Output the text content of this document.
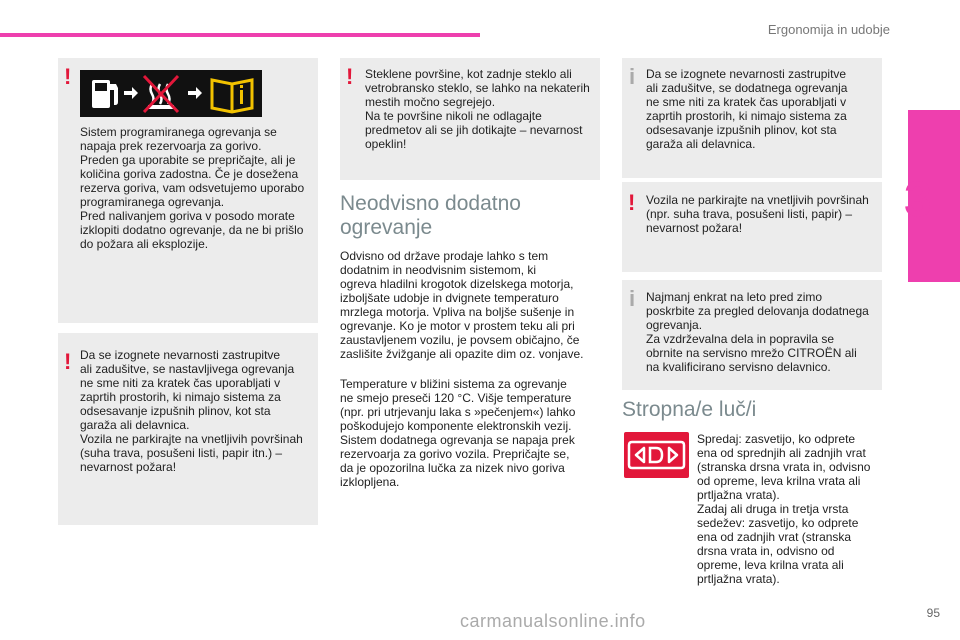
Ergonomija in udobje
3
!
Sistem programiranega ogrevanja se
napaja prek rezervoarja za gorivo.
Preden ga uporabite se prepričajte, ali je
količina goriva zadostna. Če je dosežena
rezerva goriva, vam odsvetujemo uporabo
programiranega ogrevanja.
Pred nalivanjem goriva v posodo morate
izklopiti dodatno ogrevanje, da ne bi prišlo
do požara ali eksplozije.
! Da se izognete nevarnosti zastrupitve
ali zadušitve, se nastavljivega ogrevanja
ne sme niti za kratek čas uporabljati v
zaprtih prostorih, ki nimajo sistema za
odsesavanje izpušnih plinov, kot sta
garaža ali delavnica.
Vozila ne parkirajte na vnetljivih površinah
(suha trava, posušeni listi, papir itn.) –
nevarnost požara!
! Steklene površine, kot zadnje steklo ali
vetrobransko steklo, se lahko na nekaterih
mestih močno segrejejo.
Na te površine nikoli ne odlagajte
predmetov ali se jih dotikajte – nevarnost
opeklin!
Neodvisno dodatno
ogrevanje
Odvisno od države prodaje lahko s tem
dodatnim in neodvisnim sistemom, ki
ogreva hladilni krogotok dizelskega motorja,
izboljšate udobje in dvignete temperaturo
mrzlega motorja. Vpliva na boljše sušenje in
ogrevanje. Ko je motor v prostem teku ali pri
zaustavljenem vozilu, je povsem običajno, če
zaslišite žvižganje ali opazite dim oz. vonjave.
Temperature v bližini sistema za ogrevanje
ne smejo preseči 120 °C. Višje temperature
(npr. pri utrjevanju laka s »pečenjem«) lahko
poškodujejo komponente elektronskih vezij.
Sistem dodatnega ogrevanja se napaja prek
rezervoarja za gorivo vozila. Prepričajte se,
da je opozorilna lučka za nizek nivo goriva
izklopljena.
i Da se izognete nevarnosti zastrupitve
ali zadušitve, se dodatnega ogrevanja
ne sme niti za kratek čas uporabljati v
zaprtih prostorih, ki nimajo sistema za
odsesavanje izpušnih plinov, kot sta
garaža ali delavnica.
! Vozila ne parkirajte na vnetljivih površinah
(npr. suha trava, posušeni listi, papir) –
nevarnost požara!
i Najmanj enkrat na leto pred zimo
poskrbite za pregled delovanja dodatnega
ogrevanja.
Za vzdrževalna dela in popravila se
obrnite na servisno mrežo CITROËN ali
na kvalificirano servisno delavnico.
Stropna/e luč/i
Spredaj: zasvetijo, ko odprete
ena od sprednjih ali zadnjih vrat
(stranska drsna vrata in, odvisno
od opreme, leva krilna vrata ali
prtljažna vrata).
Zadaj ali druga in tretja vrsta
sedežev: zasvetijo, ko odprete
ena od zadnjih vrat (stranska
drsna vrata in, odvisno od
opreme, leva krilna vrata ali
prtljažna vrata).
95
carmanualsonline.info
